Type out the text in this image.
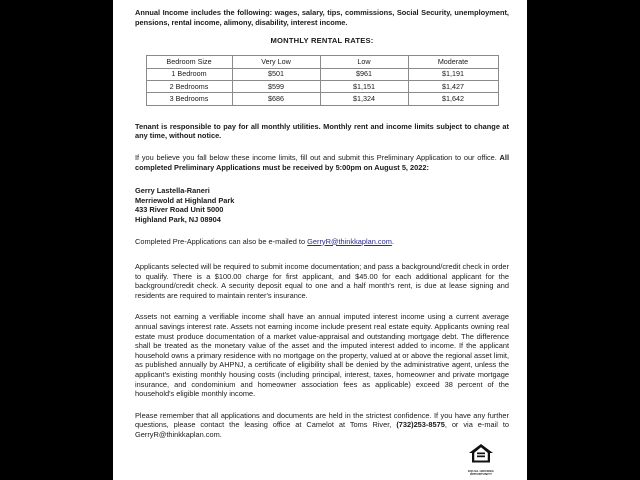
Annual Income includes the following: wages, salary, tips, commissions, Social Security, unemployment, pensions, rental income, alimony, disability, interest income.

MONTHLY RENTAL RATES:

Bedroom Size	Very Low	Low	Moderate
1 Bedroom	$501	$961	$1,191
2 Bedrooms	$599	$1,151	$1,427
3 Bedrooms	$686	$1,324	$1,642

Tenant is responsible to pay for all monthly utilities. Monthly rent and income limits subject to change at any time, without notice.

If you believe you fall below these income limits, fill out and submit this Preliminary Application to our office. All completed Preliminary Applications must be received by 5:00pm on August 5, 2022:

Gerry Lastella-Raneri

Merriewold at Highland Park

433 River Road Unit 5000

Highland Park, NJ 08904

Completed Pre-Applications can also be e-mailed to GerryR@thinkkaplan.com.

Applicants selected will be required to submit income documentation; and pass a background/credit check in order to qualify. There is a $100.00 charge for first applicant, and $45.00 for each additional applicant for the background/credit check. A security deposit equal to one and a half month's rent, is due at lease signing and residents are required to maintain renter's insurance.

Assets not earning a verifiable income shall have an annual imputed interest income using a current average annual savings interest rate. Assets not earning income include present real estate equity. Applicants owning real estate must produce documentation of a market value-appraisal and outstanding mortgage debt. The difference shall be treated as the monetary value of the asset and the imputed interest added to income. If the applicant household owns a primary residence with no mortgage on the property, valued at or above the regional asset limit, as published annually by AHPNJ, a certificate of eligibility shall be denied by the administrative agent, unless the applicant's existing monthly housing costs (including principal, interest, taxes, homeowner and private mortgage insurance, and condominium and homeowner association fees as applicable) exceed 38 percent of the household's eligible monthly income.

Please remember that all applications and documents are held in the strictest confidence. If you have any further questions, please contact the leasing office at Camelot at Toms River, (732)253-8575, or via e-mail to GerryR@thinkkaplan.com.

EQUAL HOUSING
OPPORTUNITY
